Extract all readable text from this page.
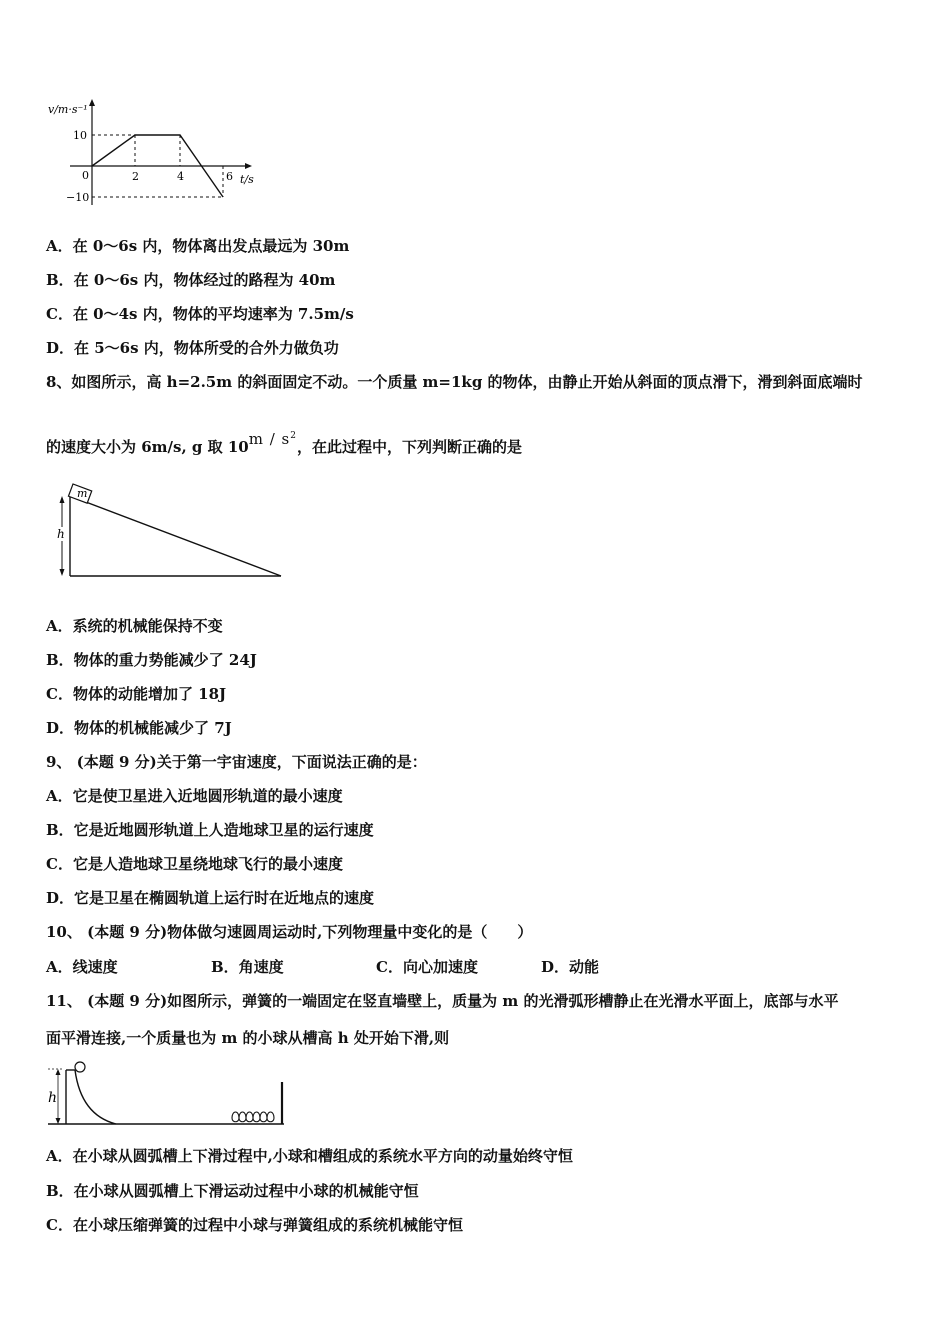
v/m·s⁻¹
10
0
−10
2	4	6 t/s
A．在 0～6s 内，物体离出发点最远为 30m
B．在 0～6s 内，物体经过的路程为 40m
C．在 0～4s 内，物体的平均速率为 7.5m/s
D．在 5～6s 内，物体所受的合外力做负功
8、如图所示，高 h=2.5m 的斜面固定不动。一个质量 m=1kg 的物体，由静止开始从斜面的顶点滑下，滑到斜面底端时
的速度大小为 6m/s, g 取 $10m / s^2$，在此过程中，下列判断正确的是
m
h
A．系统的机械能保持不变
B．物体的重力势能减少了 24J
C．物体的动能增加了 18J
D．物体的机械能减少了 7J
9、 (本题 9 分)关于第一宇宙速度，下面说法正确的是：
A．它是使卫星进入近地圆形轨道的最小速度
B．它是近地圆形轨道上人造地球卫星的运行速度
C．它是人造地球卫星绕地球飞行的最小速度
D．它是卫星在椭圆轨道上运行时在近地点的速度
10、 (本题 9 分)物体做匀速圆周运动时,下列物理量中变化的是（　　）
A．线速度	B．角速度	C．向心加速度	D．动能
11、 (本题 9 分)如图所示，弹簧的一端固定在竖直墙壁上，质量为 m 的光滑弧形槽静止在光滑水平面上，底部与水平
面平滑连接,一个质量也为 m 的小球从槽高 h 处开始下滑,则
h
A．在小球从圆弧槽上下滑过程中,小球和槽组成的系统水平方向的动量始终守恒
B．在小球从圆弧槽上下滑运动过程中小球的机械能守恒
C．在小球压缩弹簧的过程中小球与弹簧组成的系统机械能守恒
